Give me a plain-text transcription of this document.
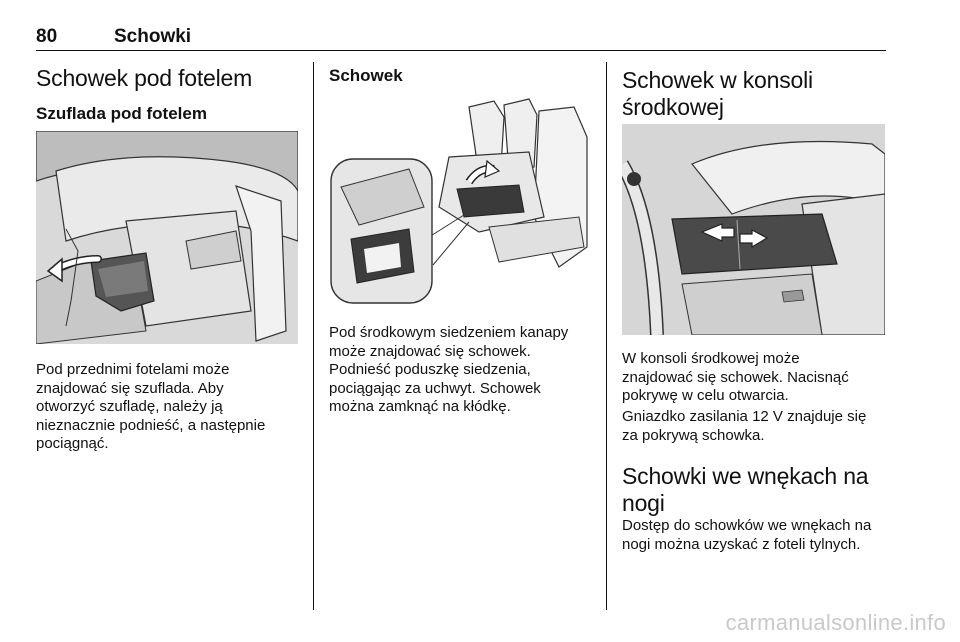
80	Schowki
Schowek pod fotelem
Szuflada pod fotelem

Pod przednimi fotelami może
znajdować się szuflada. Aby
otworzyć szufladę, należy ją
nieznacznie podnieść, a następnie
pociągnąć.

Schowek

Pod środkowym siedzeniem kanapy
może znajdować się schowek.
Podnieść poduszkę siedzenia,
pociągając za uchwyt. Schowek
można zamknąć na kłódkę.

Schowek w konsoli
środkowej

W konsoli środkowej może
znajdować się schowek. Nacisnąć
pokrywę w celu otwarcia.

Gniazdko zasilania 12 V znajduje się
za pokrywą schowka.

Schowki we wnękach na
nogi

Dostęp do schowków we wnękach na
nogi można uzyskać z foteli tylnych.

carmanualsonline.info
